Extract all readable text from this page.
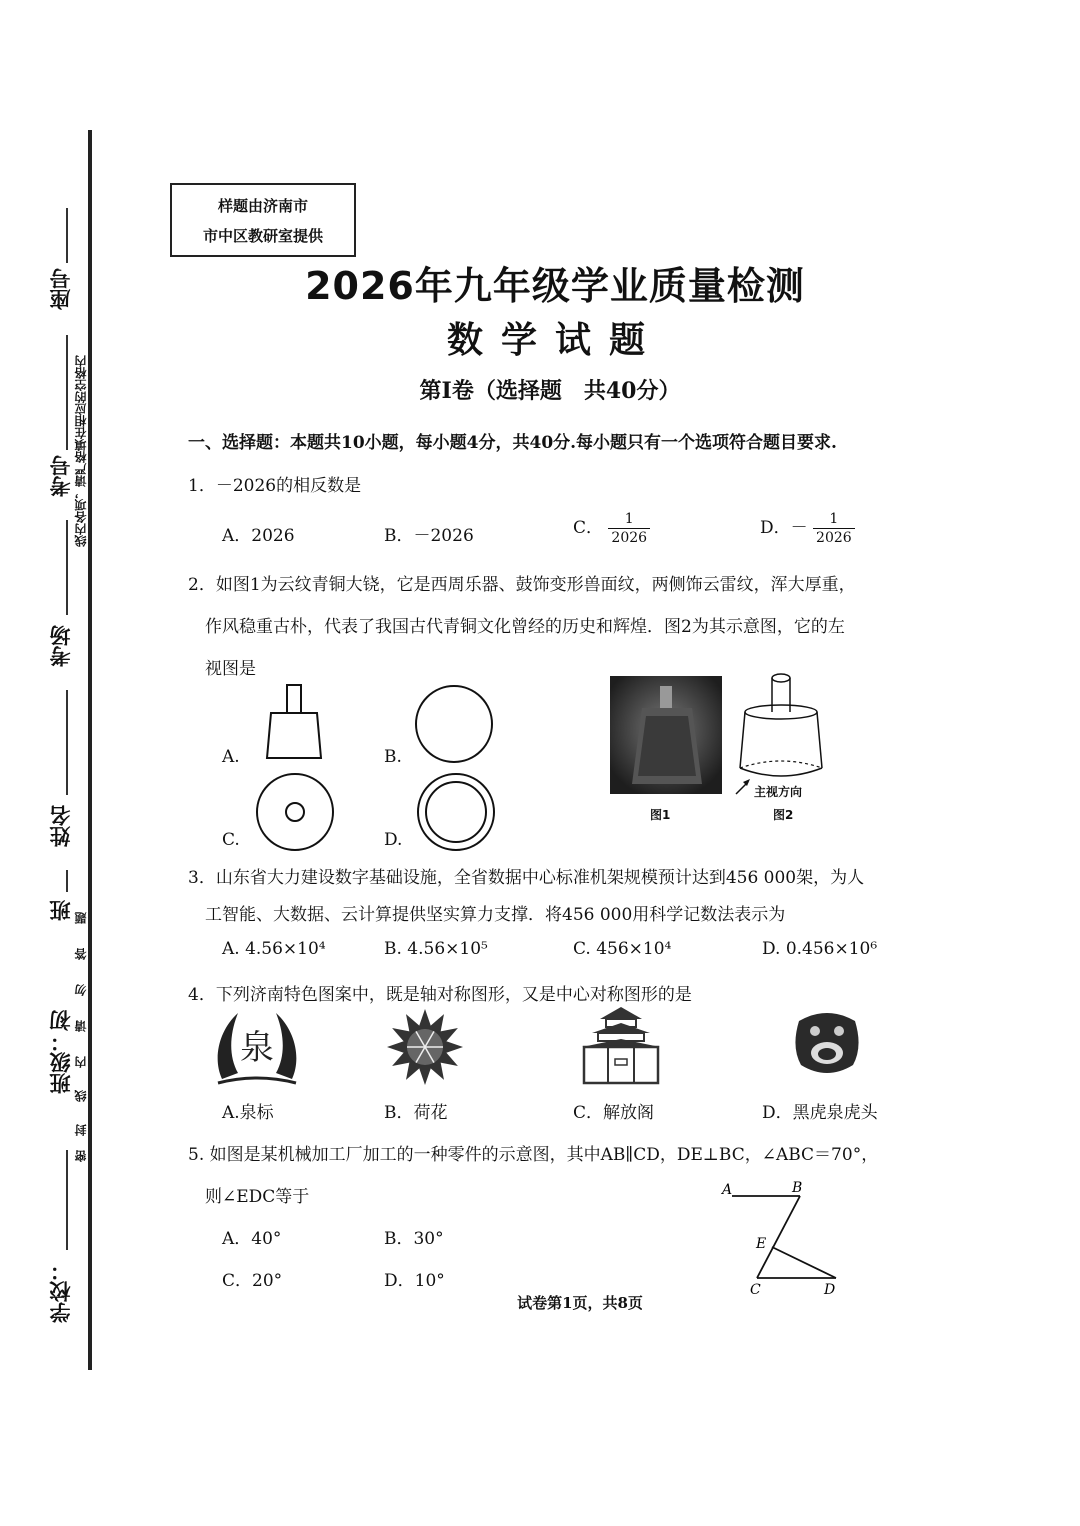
座号
线内各项，请严格填在相应的空格内
考号
考场
姓名
班 题
答
勿
请
内
线
封
密
班级：初
学校：
样题由济南市
市中区教研室提供
2026年九年级学业质量检测
数学试题
第I卷（选择题　共40分）
一、选择题：本题共10小题，每小题4分，共40分.每小题只有一个选项符合题目要求.
1．－2026的相反数是
A．2026	B．－2026	C． $\frac{1}{2026}$	D．－ $\frac{1}{2026}$
2．如图1为云纹青铜大铙，它是西周乐器、鼓饰变形兽面纹，两侧饰云雷纹，浑大厚重，
作风稳重古朴，代表了我国古代青铜文化曾经的历史和辉煌．图2为其示意图，它的左
视图是
A.	B.
C.	D.
图1
主视方向
图2
3．山东省大力建设数字基础设施，全省数据中心标准机架规模预计达到456 000架，为人
工智能、大数据、云计算提供坚实算力支撑．将456 000用科学记数法表示为
A. 4.56×10⁴	B. 4.56×10⁵	C. 456×10⁴	D. 0.456×10⁶
4．下列济南特色图案中，既是轴对称图形，又是中心对称图形的是
泉
A.泉标	B．荷花	C．解放阁	D．黑虎泉虎头
5. 如图是某机械加工厂加工的一种零件的示意图，其中AB∥CD，DE⊥BC，∠ABC＝70°，
则∠EDC等于
A．40°	B．30°
C．20°	D．10°
A	B
E
C	D
试卷第1页，共8页
